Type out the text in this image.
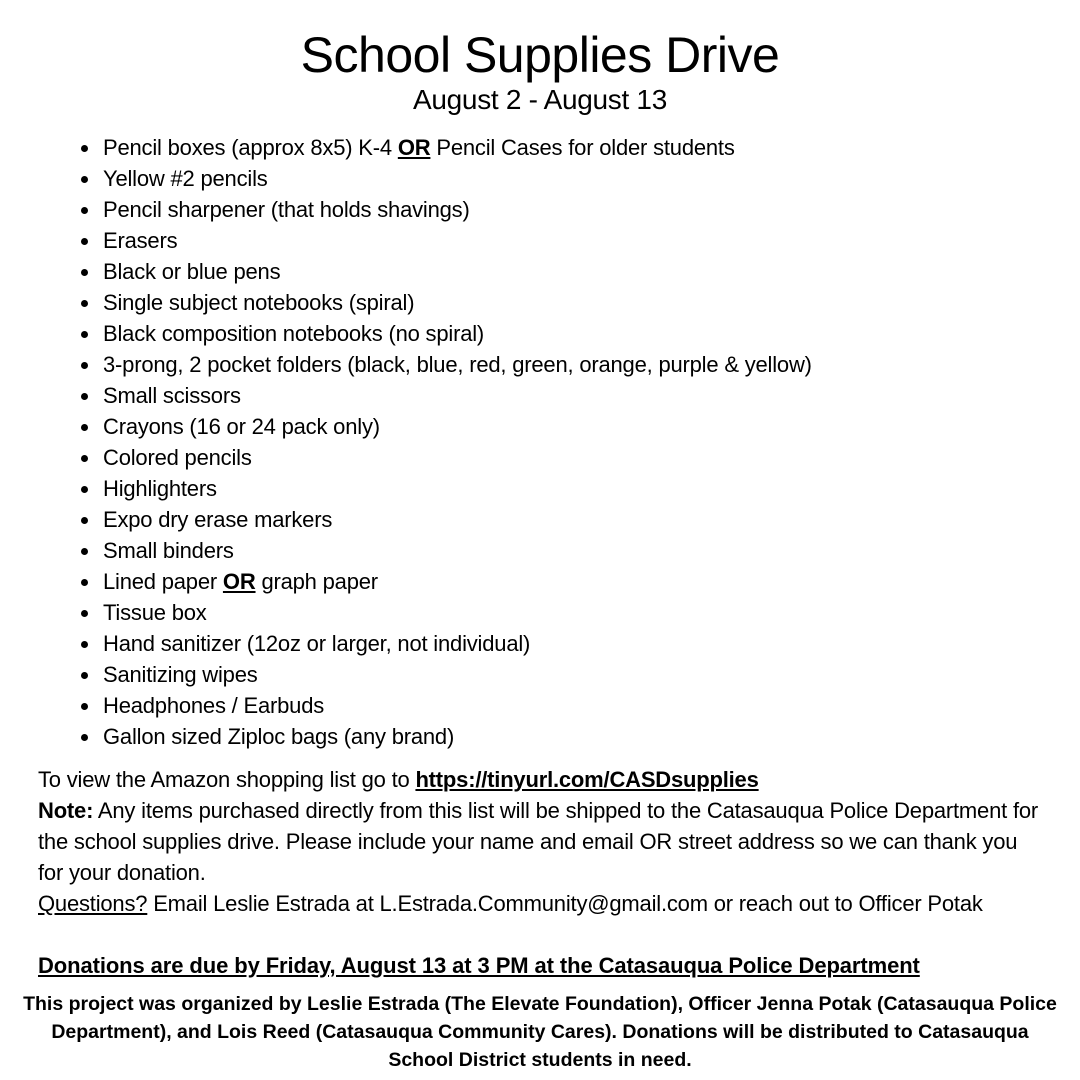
School Supplies Drive
August 2 - August 13
Pencil boxes (approx 8x5) K-4 OR Pencil Cases for older students
Yellow #2 pencils
Pencil sharpener (that holds shavings)
Erasers
Black or blue pens
Single subject notebooks (spiral)
Black composition notebooks (no spiral)
3-prong, 2 pocket folders (black, blue, red, green, orange, purple & yellow)
Small scissors
Crayons (16 or 24 pack only)
Colored pencils
Highlighters
Expo dry erase markers
Small binders
Lined paper OR graph paper
Tissue box
Hand sanitizer (12oz or larger, not individual)
Sanitizing wipes
Headphones / Earbuds
Gallon sized Ziploc bags (any brand)

To view the Amazon shopping list go to https://tinyurl.com/CASDsupplies

Note: Any items purchased directly from this list will be shipped to the Catasauqua Police Department for the school supplies drive. Please include your name and email OR street address so we can thank you for your donation.

Questions? Email Leslie Estrada at L.Estrada.Community@gmail.com or reach out to Officer Potak

Donations are due by Friday, August 13 at 3 PM at the Catasauqua Police Department
This project was organized by Leslie Estrada (The Elevate Foundation), Officer Jenna Potak (Catasauqua Police Department), and Lois Reed (Catasauqua Community Cares). Donations will be distributed to Catasauqua School District students in need.
